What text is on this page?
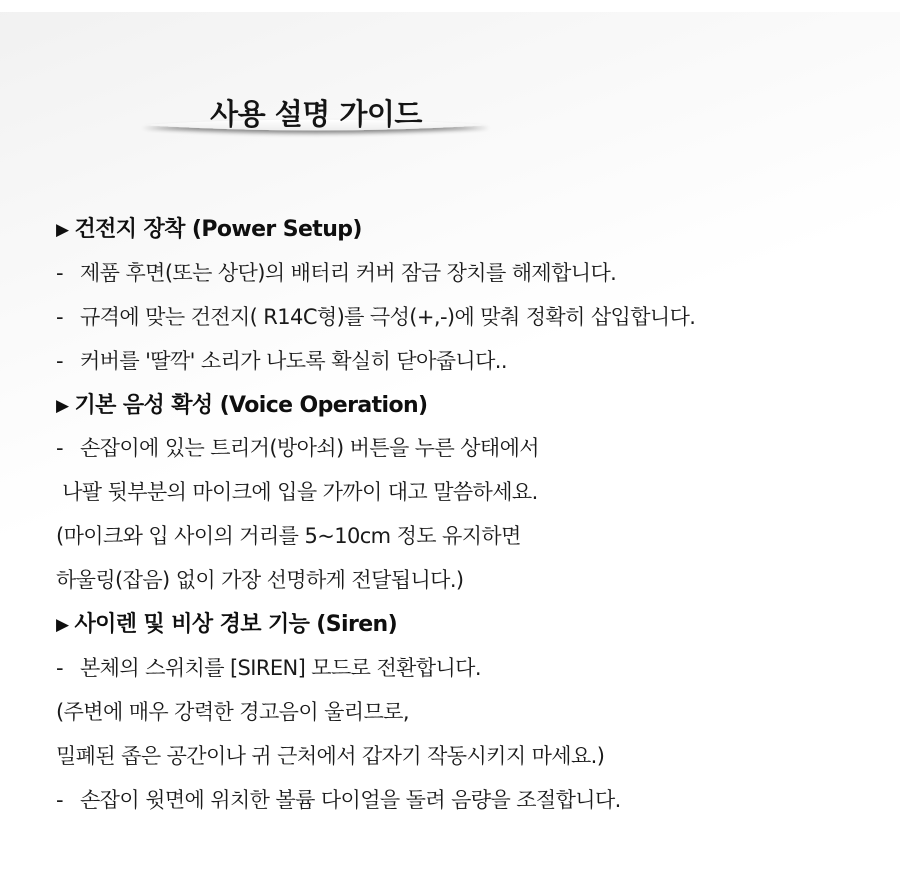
사용 설명 가이드
▶ 건전지 장착 (Power Setup)
- 제품 후면(또는 상단)의 배터리 커버 잠금 장치를 해제합니다.
- 규격에 맞는 건전지( R14C형)를 극성(+,-)에 맞춰 정확히 삽입합니다.
- 커버를 '딸깍' 소리가 나도록 확실히 닫아줍니다..
▶ 기본 음성 확성 (Voice Operation)
- 손잡이에 있는 트리거(방아쇠) 버튼을 누른 상태에서
나팔 뒷부분의 마이크에 입을 가까이 대고 말씀하세요.
(마이크와 입 사이의 거리를 5~10cm 정도 유지하면
하울링(잡음) 없이 가장 선명하게 전달됩니다.)
▶ 사이렌 및 비상 경보 기능 (Siren)
- 본체의 스위치를 [SIREN] 모드로 전환합니다.
(주변에 매우 강력한 경고음이 울리므로,
밀폐된 좁은 공간이나 귀 근처에서 갑자기 작동시키지 마세요.)
- 손잡이 윗면에 위치한 볼륨 다이얼을 돌려 음량을 조절합니다.
